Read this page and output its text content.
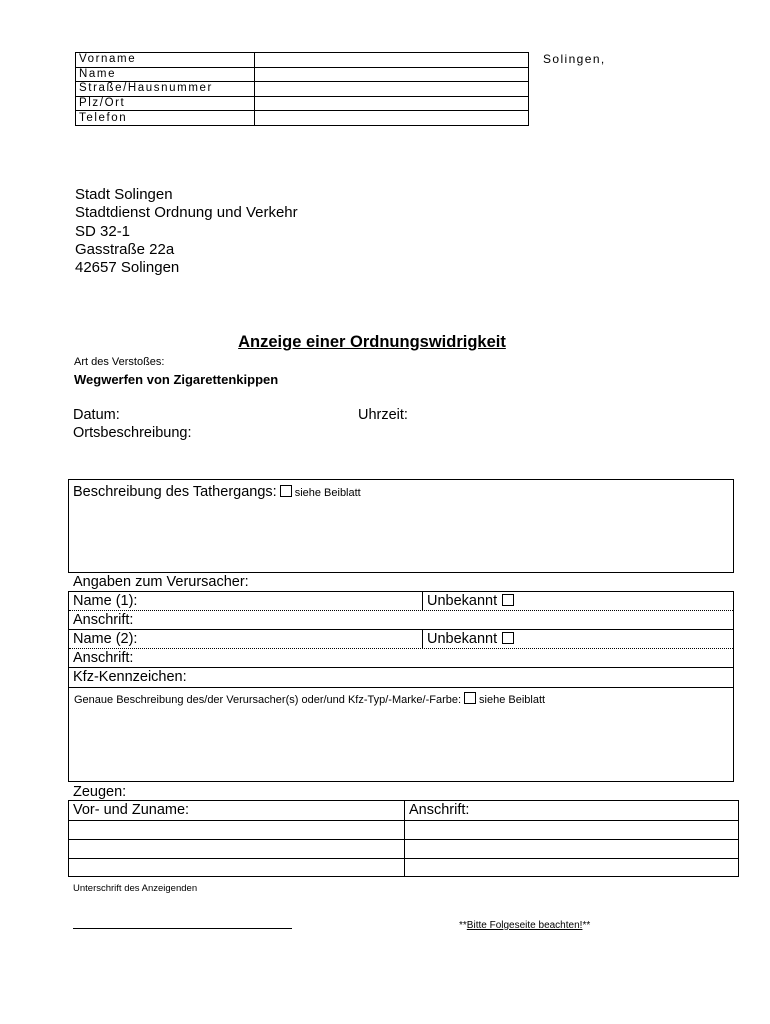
Vorname	
Name	
Straße/Hausnummer	
Plz/Ort	
Telefon	
Solingen,
Stadt Solingen
Stadtdienst Ordnung und Verkehr
SD 32-1
Gasstraße 22a
42657 Solingen
Anzeige einer Ordnungswidrigkeit
Art des Verstoßes:
Wegwerfen von Zigarettenkippen
Datum:	Uhrzeit:
Ortsbeschreibung:
Beschreibung des Tathergangs: siehe Beiblatt
Angaben zum Verursacher:
Name (1):	Unbekannt
Anschrift:
Name (2):	Unbekannt
Anschrift:
Kfz-Kennzeichen:
Genaue Beschreibung des/der Verursacher(s) oder/und Kfz-Typ/-Marke/-Farbe: siehe Beiblatt
Zeugen:
Vor- und Zuname:	Anschrift:
Unterschrift des Anzeigenden
**Bitte Folgeseite beachten!**
